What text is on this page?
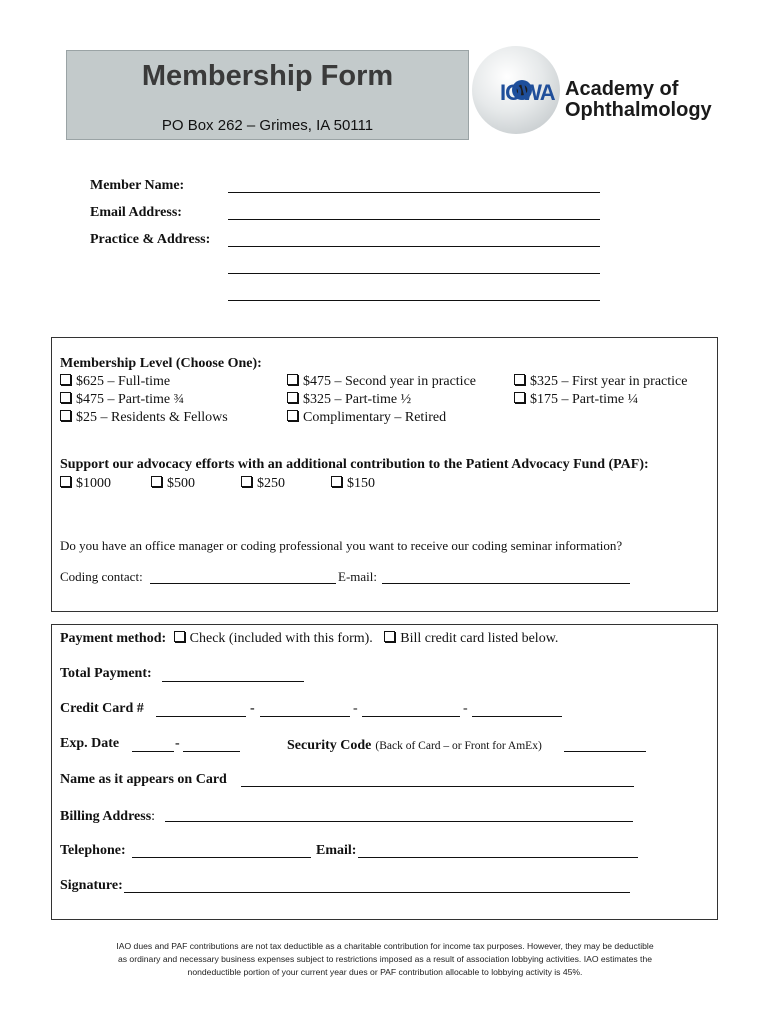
Membership Form
PO Box 262 – Grimes, IA 50111
IOWA Academy of
Ophthalmology
Member Name:
Email Address:
Practice & Address:
Membership Level (Choose One):
$625 – Full-time
$475 – Part-time ¾
$25 – Residents & Fellows
$475 – Second year in practice
$325 – Part-time ½
Complimentary – Retired
$325 – First year in practice
$175 – Part-time ¼
Support our advocacy efforts with an additional contribution to the Patient Advocacy Fund (PAF):
$1000	$500	$250	$150
Do you have an office manager or coding professional you want to receive our coding seminar information?
Coding contact:	E-mail:
Payment method: Check (included with this form). Bill credit card listed below.
Total Payment:
Credit Card #	-	-	-
Exp. Date	-	Security Code (Back of Card – or Front for AmEx)
Name as it appears on Card
Billing Address:
Telephone:	Email:
Signature:
IAO dues and PAF contributions are not tax deductible as a charitable contribution for income tax purposes. However, they may be deductible
as ordinary and necessary business expenses subject to restrictions imposed as a result of association lobbying activities. IAO estimates the
nondeductible portion of your current year dues or PAF contribution allocable to lobbying activity is 45%.
